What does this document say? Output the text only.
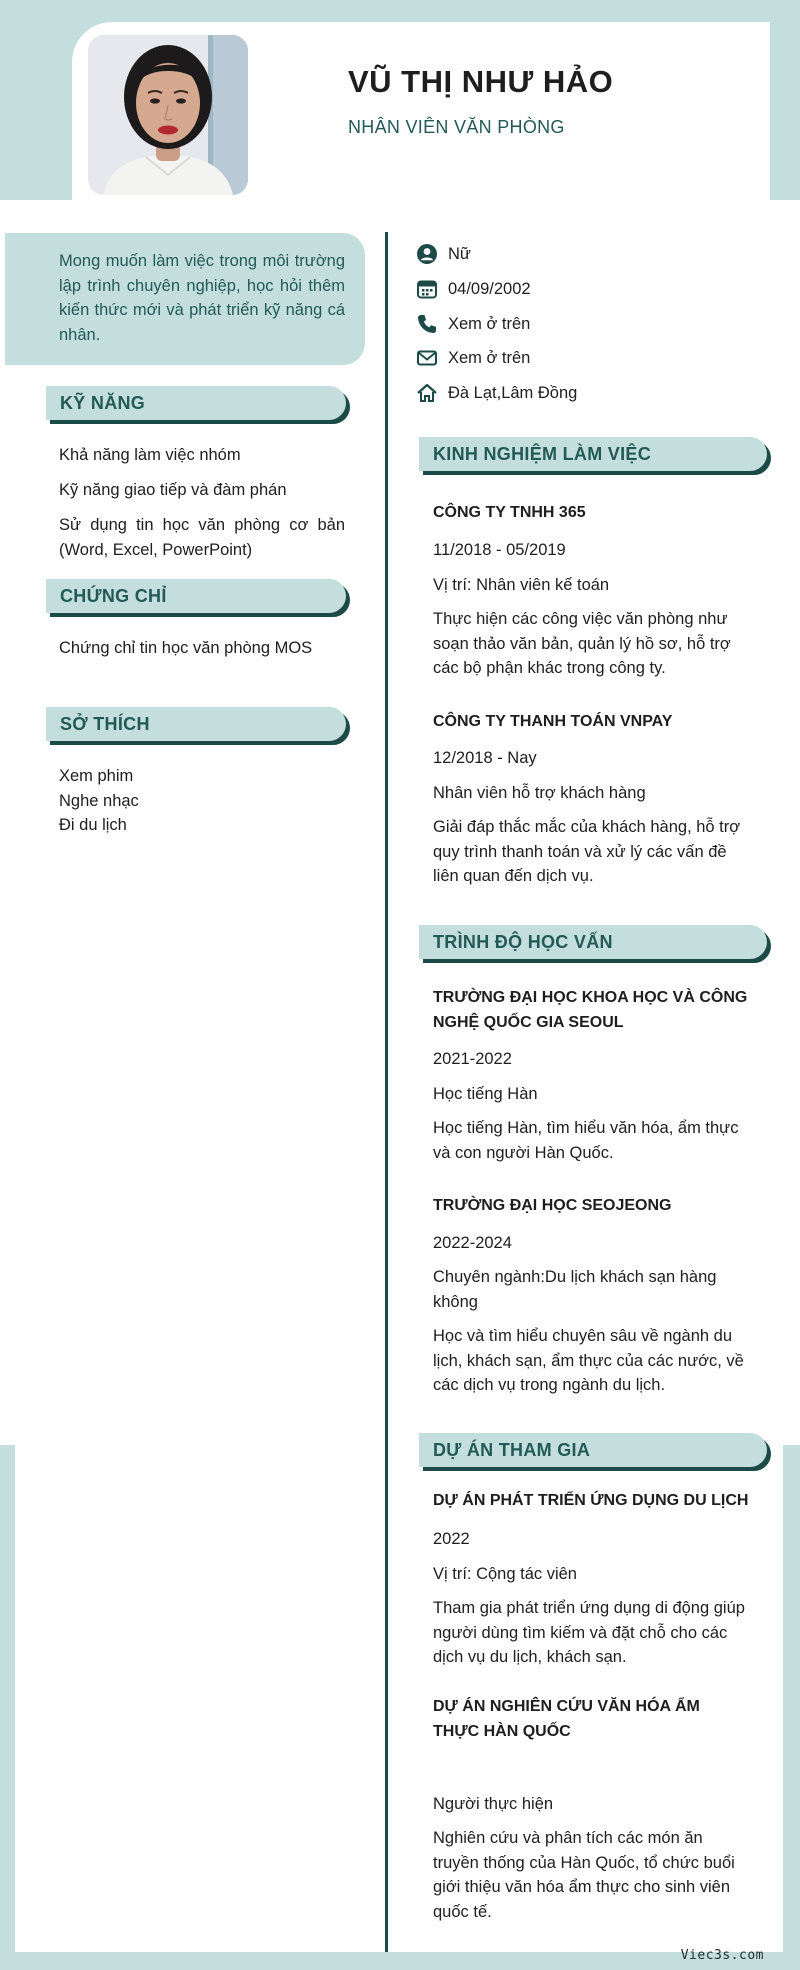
VŨ THỊ NHƯ HẢO
NHÂN VIÊN VĂN PHÒNG
Mong muốn làm việc trong môi trường lập trình chuyên nghiệp, học hỏi thêm kiến thức mới và phát triển kỹ năng cá nhân.
KỸ NĂNG
Khả năng làm việc nhóm
Kỹ năng giao tiếp và đàm phán
Sử dụng tin học văn phòng cơ bản (Word, Excel, PowerPoint)
CHỨNG CHỈ
Chứng chỉ tin học văn phòng MOS
SỞ THÍCH
Xem phim
Nghe nhạc
Đi du lịch
Nữ
04/09/2002
Xem ở trên
Xem ở trên
Đà Lạt,Lâm Đồng
KINH NGHIỆM LÀM VIỆC
CÔNG TY TNHH 365
11/2018 - 05/2019
Vị trí: Nhân viên kế toán
Thực hiện các công việc văn phòng như soạn thảo văn bản, quản lý hồ sơ, hỗ trợ các bộ phận khác trong công ty.
CÔNG TY THANH TOÁN VNPAY
12/2018 - Nay
Nhân viên hỗ trợ khách hàng
Giải đáp thắc mắc của khách hàng, hỗ trợ quy trình thanh toán và xử lý các vấn đề liên quan đến dịch vụ.
TRÌNH ĐỘ HỌC VẤN
TRƯỜNG ĐẠI HỌC KHOA HỌC VÀ CÔNG NGHỆ QUỐC GIA SEOUL
2021-2022
Học tiếng Hàn
Học tiếng Hàn, tìm hiểu văn hóa, ẩm thực và con người Hàn Quốc.
TRƯỜNG ĐẠI HỌC SEOJEONG
2022-2024
Chuyên ngành:Du lịch khách sạn hàng không
Học và tìm hiểu chuyên sâu về ngành du lịch, khách sạn, ẩm thực của các nước, về các dịch vụ trong ngành du lịch.
DỰ ÁN THAM GIA
DỰ ÁN PHÁT TRIỂN ỨNG DỤNG DU LỊCH
2022
Vị trí: Cộng tác viên
Tham gia phát triển ứng dụng di động giúp người dùng tìm kiếm và đặt chỗ cho các dịch vụ du lịch, khách sạn.
DỰ ÁN NGHIÊN CỨU VĂN HÓA ẨM THỰC HÀN QUỐC
Người thực hiện
Nghiên cứu và phân tích các món ăn truyền thống của Hàn Quốc, tổ chức buổi giới thiệu văn hóa ẩm thực cho sinh viên quốc tế.
Viec3s.com
